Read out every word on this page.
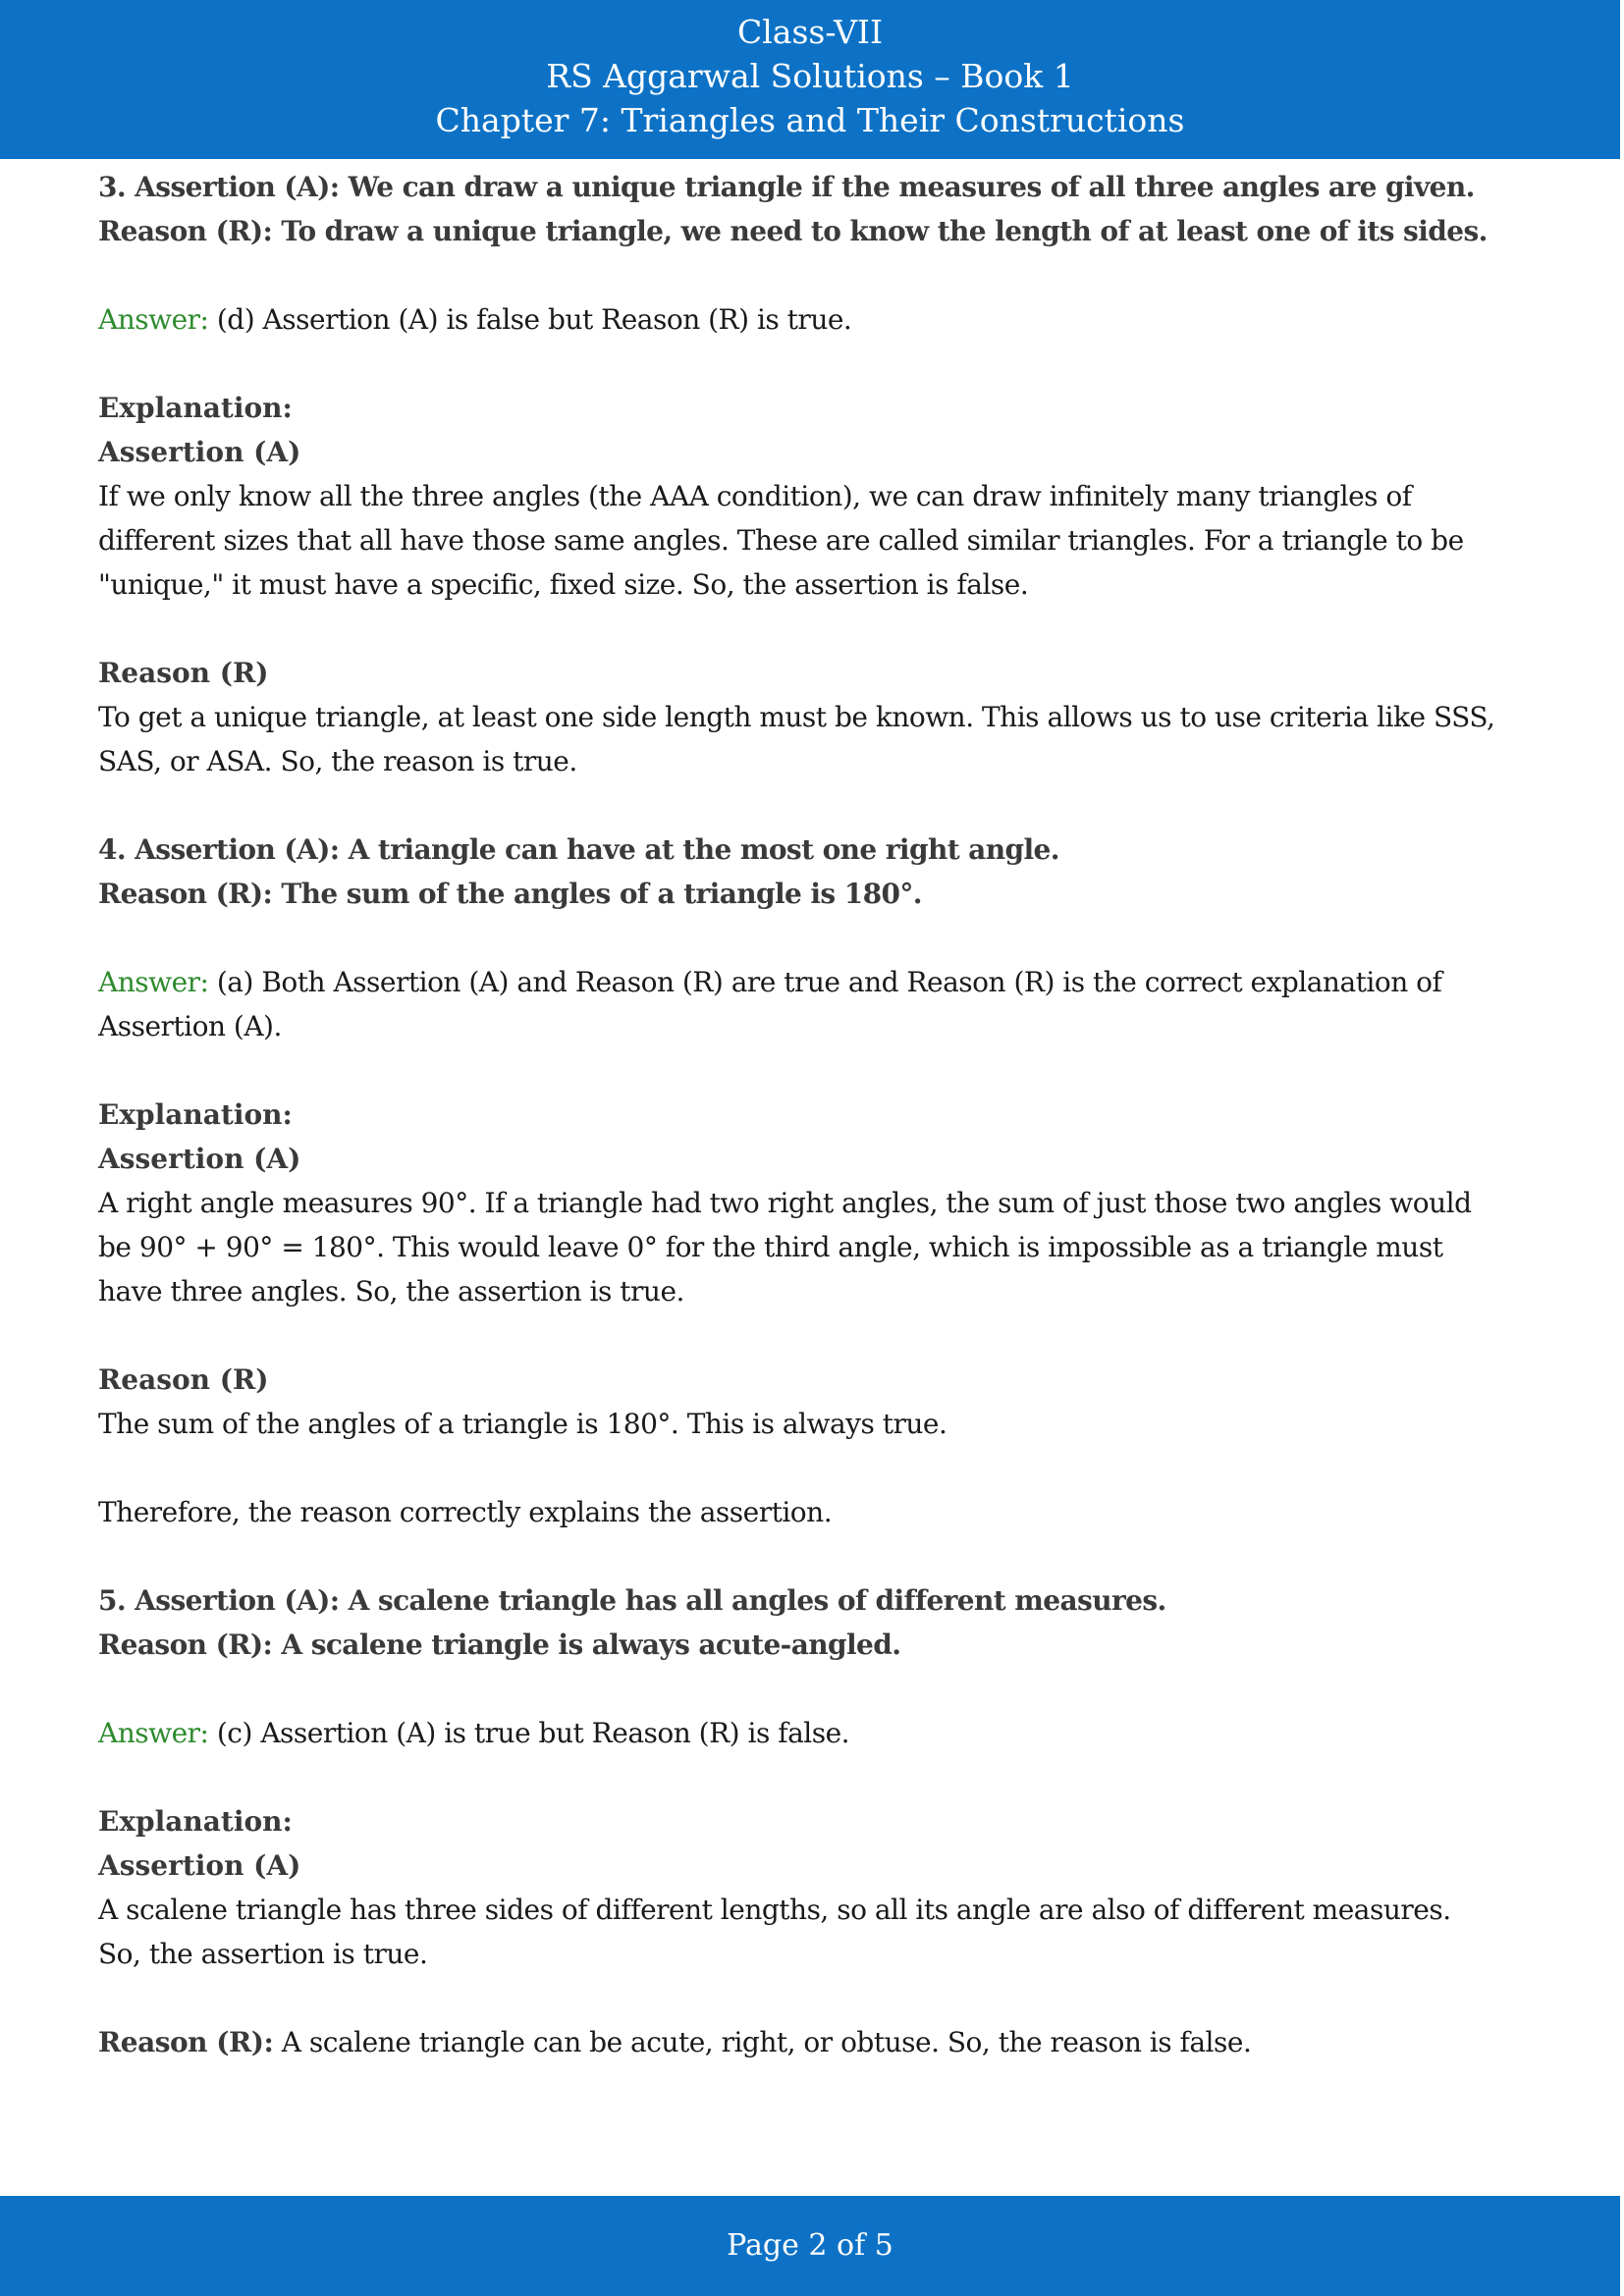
Class-VII
RS Aggarwal Solutions – Book 1
Chapter 7: Triangles and Their Constructions

3. Assertion (A): We can draw a unique triangle if the measures of all three angles are given.

Reason (R): To draw a unique triangle, we need to know the length of at least one of its sides.

Answer: (d) Assertion (A) is false but Reason (R) is true.

Explanation:

Assertion (A)

If we only know all the three angles (the AAA condition), we can draw infinitely many triangles of

different sizes that all have those same angles. These are called similar triangles. For a triangle to be

"unique," it must have a specific, fixed size. So, the assertion is false.

Reason (R)

To get a unique triangle, at least one side length must be known. This allows us to use criteria like SSS,

SAS, or ASA. So, the reason is true.

4. Assertion (A): A triangle can have at the most one right angle.

Reason (R): The sum of the angles of a triangle is 180°.

Answer: (a) Both Assertion (A) and Reason (R) are true and Reason (R) is the correct explanation of

Assertion (A).

Explanation:

Assertion (A)

A right angle measures 90°. If a triangle had two right angles, the sum of just those two angles would

be 90° + 90° = 180°. This would leave 0° for the third angle, which is impossible as a triangle must

have three angles. So, the assertion is true.

Reason (R)

The sum of the angles of a triangle is 180°. This is always true.

Therefore, the reason correctly explains the assertion.

5. Assertion (A): A scalene triangle has all angles of different measures.

Reason (R): A scalene triangle is always acute-angled.

Answer: (c) Assertion (A) is true but Reason (R) is false.

Explanation:

Assertion (A)

A scalene triangle has three sides of different lengths, so all its angle are also of different measures.

So, the assertion is true.

Reason (R): A scalene triangle can be acute, right, or obtuse. So, the reason is false.

Page 2 of 5
